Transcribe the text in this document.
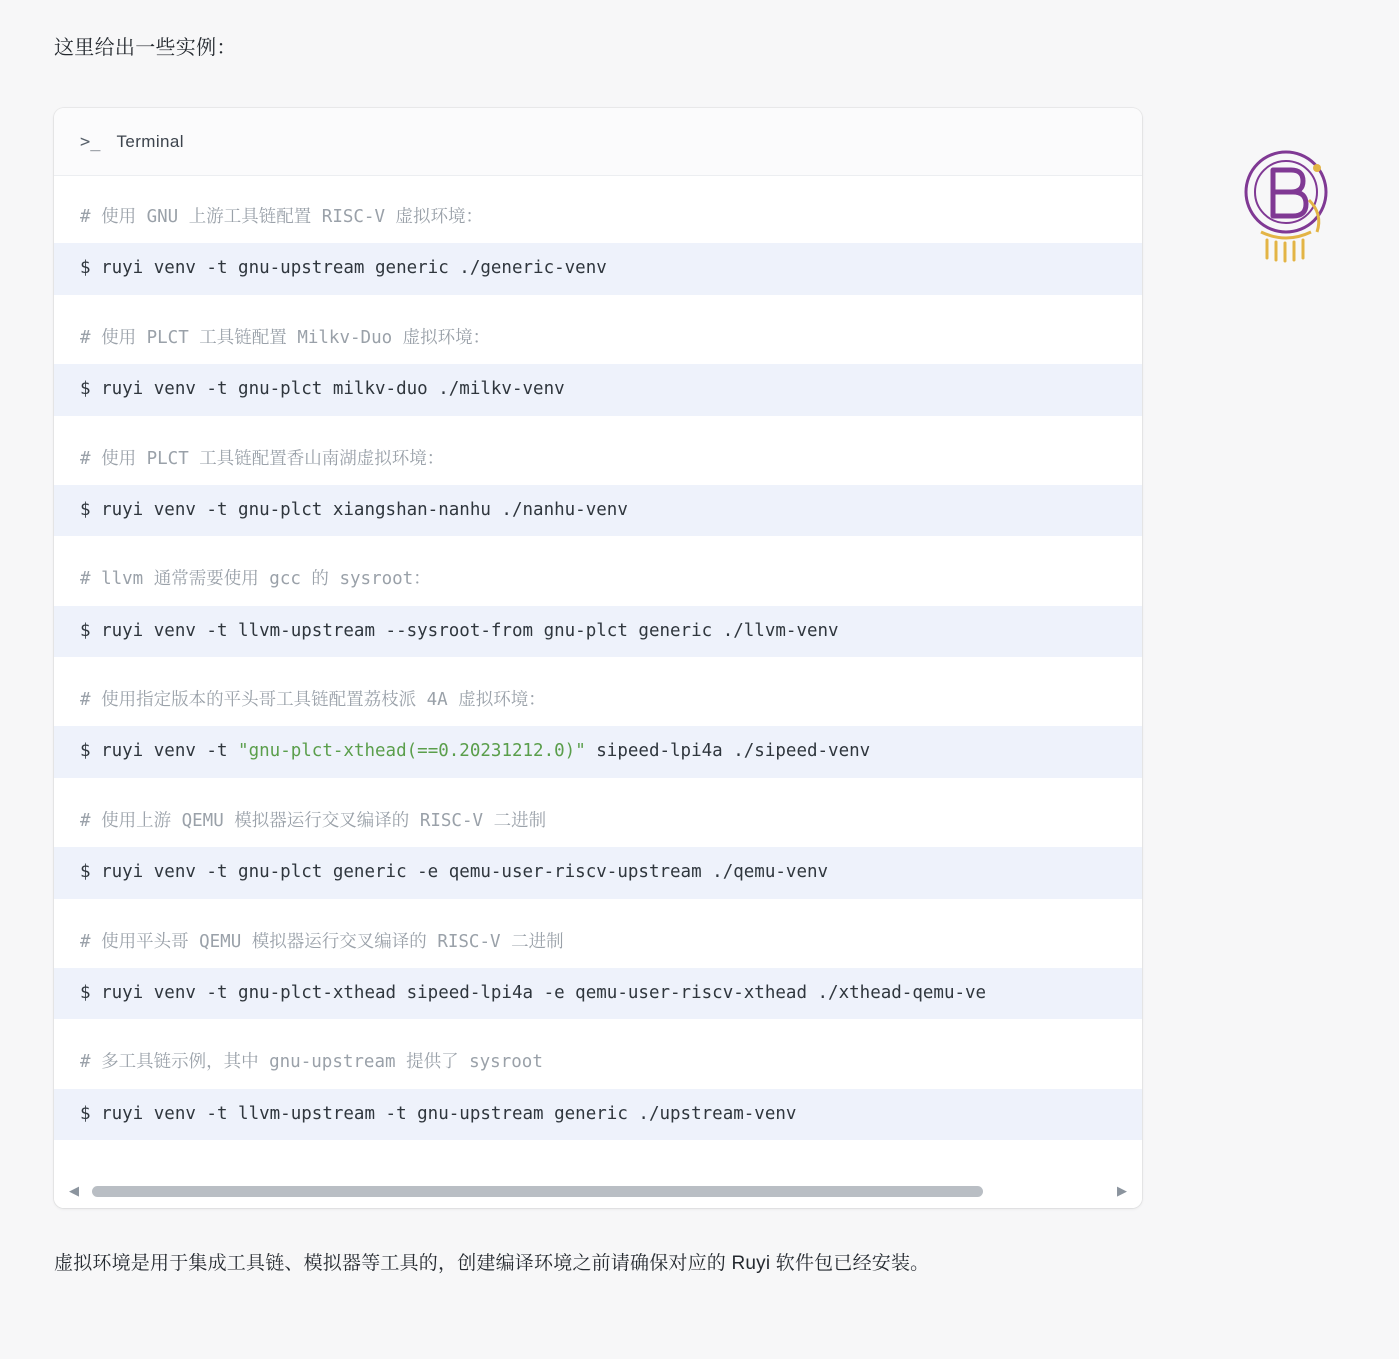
这里给出一些实例：
>_ Terminal
# 使用 GNU 上游工具链配置 RISC-V 虚拟环境：
$ ruyi venv -t gnu-upstream generic ./generic-venv
# 使用 PLCT 工具链配置 Milkv-Duo 虚拟环境：
$ ruyi venv -t gnu-plct milkv-duo ./milkv-venv
# 使用 PLCT 工具链配置香山南湖虚拟环境：
$ ruyi venv -t gnu-plct xiangshan-nanhu ./nanhu-venv
# llvm 通常需要使用 gcc 的 sysroot：
$ ruyi venv -t llvm-upstream --sysroot-from gnu-plct generic ./llvm-venv
# 使用指定版本的平头哥工具链配置荔枝派 4A 虚拟环境：
$ ruyi venv -t "gnu-plct-xthead(==0.20231212.0)" sipeed-lpi4a ./sipeed-venv
# 使用上游 QEMU 模拟器运行交叉编译的 RISC-V 二进制
$ ruyi venv -t gnu-plct generic -e qemu-user-riscv-upstream ./qemu-venv
# 使用平头哥 QEMU 模拟器运行交叉编译的 RISC-V 二进制
$ ruyi venv -t gnu-plct-xthead sipeed-lpi4a -e qemu-user-riscv-xthead ./xthead-qemu-ve
# 多工具链示例，其中 gnu-upstream 提供了 sysroot
$ ruyi venv -t llvm-upstream -t gnu-upstream generic ./upstream-venv
◀	▶
虚拟环境是用于集成工具链、模拟器等工具的，创建编译环境之前请确保对应的 Ruyi 软件包已经安装。
